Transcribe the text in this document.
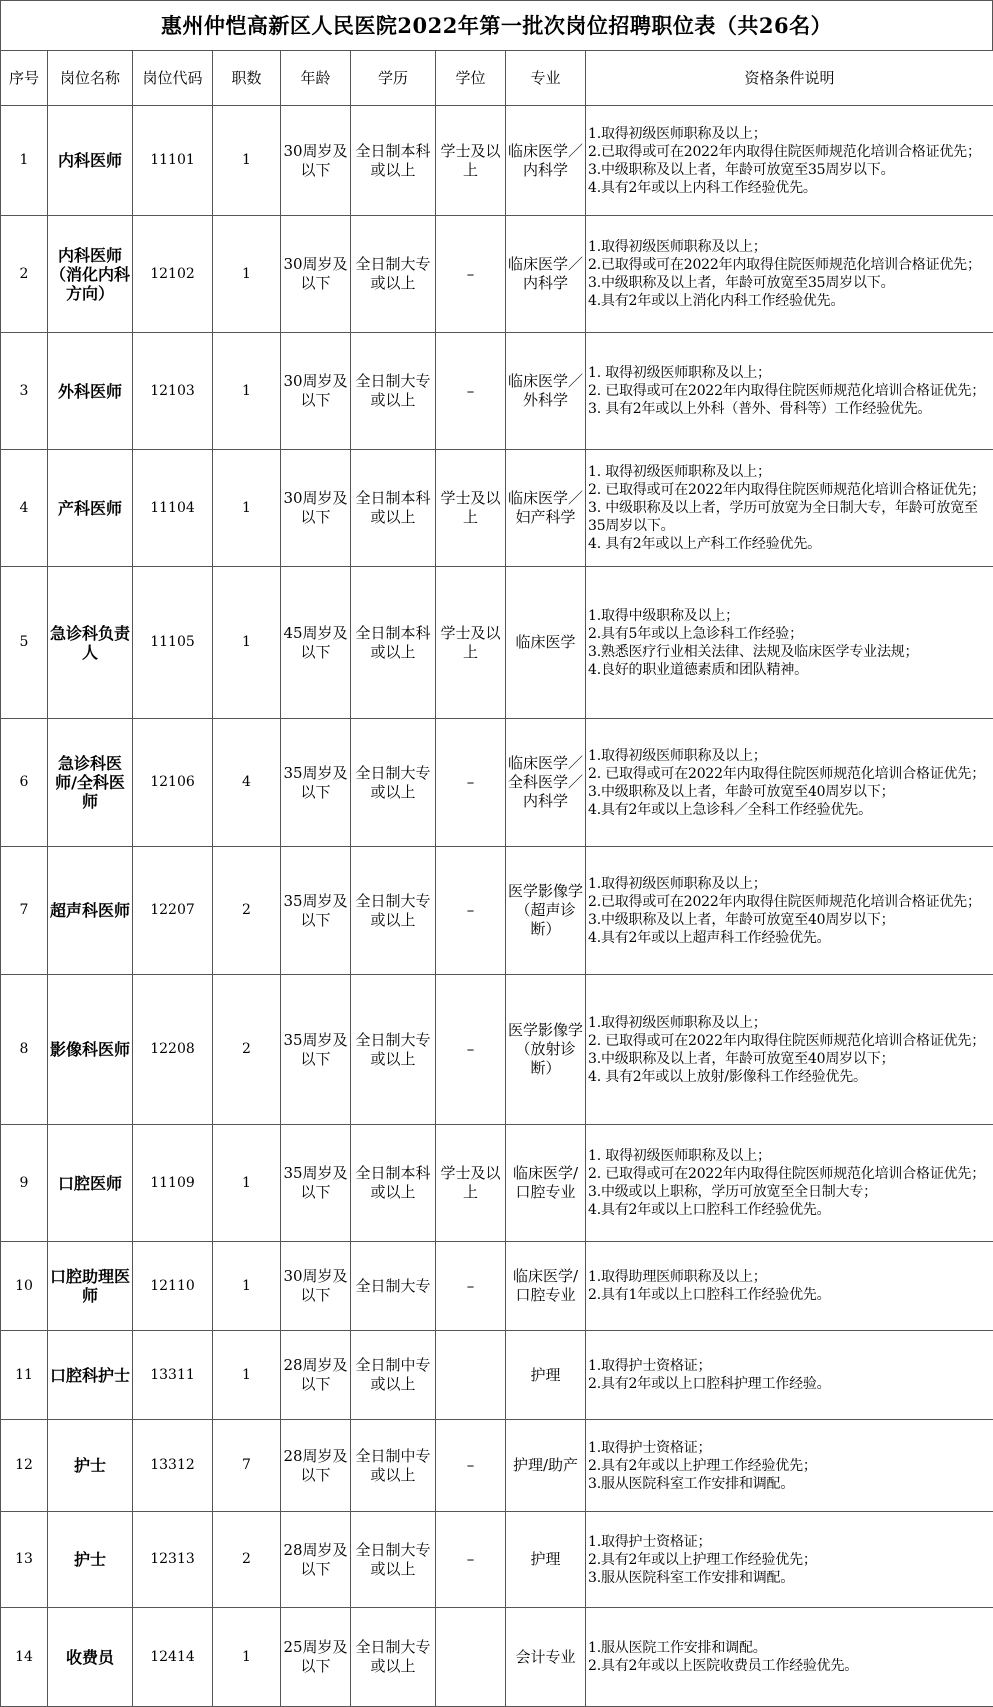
惠州仲恺高新区人民医院2022年第一批次岗位招聘职位表（共26名）
序号	岗位名称	岗位代码	职数	年龄	学历	学位	专业	资格条件说明
1	内科医师	11101	1	30周岁及以下	全日制本科或以上	学士及以上	临床医学／内科学	1.取得初级医师职称及以上；
2.已取得或可在2022年内取得住院医师规范化培训合格证优先；
3.中级职称及以上者，年龄可放宽至35周岁以下。
4.具有2年或以上内科工作经验优先。
2	内科医师（消化内科方向）	12102	1	30周岁及以下	全日制大专或以上	–	临床医学／内科学	1.取得初级医师职称及以上；
2.已取得或可在2022年内取得住院医师规范化培训合格证优先；
3.中级职称及以上者，年龄可放宽至35周岁以下。
4.具有2年或以上消化内科工作经验优先。
3	外科医师	12103	1	30周岁及以下	全日制大专或以上	–	临床医学／外科学	1. 取得初级医师职称及以上；
2. 已取得或可在2022年内取得住院医师规范化培训合格证优先；
3. 具有2年或以上外科（普外、骨科等）工作经验优先。
4	产科医师	11104	1	30周岁及以下	全日制本科或以上	学士及以上	临床医学／妇产科学	1. 取得初级医师职称及以上；
2. 已取得或可在2022年内取得住院医师规范化培训合格证优先；
3. 中级职称及以上者，学历可放宽为全日制大专，年龄可放宽至35周岁以下。
4. 具有2年或以上产科工作经验优先。
5	急诊科负责人	11105	1	45周岁及以下	全日制本科或以上	学士及以上	临床医学	1.取得中级职称及以上；
2.具有5年或以上急诊科工作经验；
3.熟悉医疗行业相关法律、法规及临床医学专业法规；
4.良好的职业道德素质和团队精神。
6	急诊科医师/全科医师	12106	4	35周岁及以下	全日制大专或以上	–	临床医学／全科医学／内科学	1.取得初级医师职称及以上；
2. 已取得或可在2022年内取得住院医师规范化培训合格证优先；
3.中级职称及以上者，年龄可放宽至40周岁以下；
4.具有2年或以上急诊科／全科工作经验优先。
7	超声科医师	12207	2	35周岁及以下	全日制大专或以上	–	医学影像学（超声诊断）	1.取得初级医师职称及以上；
2.已取得或可在2022年内取得住院医师规范化培训合格证优先；
3.中级职称及以上者，年龄可放宽至40周岁以下；
4.具有2年或以上超声科工作经验优先。
8	影像科医师	12208	2	35周岁及以下	全日制大专或以上	–	医学影像学（放射诊断）	1.取得初级医师职称及以上；
2. 已取得或可在2022年内取得住院医师规范化培训合格证优先；
3.中级职称及以上者，年龄可放宽至40周岁以下；
4. 具有2年或以上放射/影像科工作经验优先。
9	口腔医师	11109	1	35周岁及以下	全日制本科或以上	学士及以上	临床医学/口腔专业	1. 取得初级医师职称及以上；
2. 已取得或可在2022年内取得住院医师规范化培训合格证优先；
3.中级或以上职称，学历可放宽至全日制大专；
4.具有2年或以上口腔科工作经验优先。
10	口腔助理医师	12110	1	30周岁及以下	全日制大专	–	临床医学/口腔专业	1.取得助理医师职称及以上；
2.具有1年或以上口腔科工作经验优先。
11	口腔科护士	13311	1	28周岁及以下	全日制中专或以上		护理	1.取得护士资格证；
2.具有2年或以上口腔科护理工作经验。
12	护士	13312	7	28周岁及以下	全日制中专或以上	–	护理/助产	1.取得护士资格证；
2.具有2年或以上护理工作经验优先；
3.服从医院科室工作安排和调配。
13	护士	12313	2	28周岁及以下	全日制大专或以上	–	护理	1.取得护士资格证；
2.具有2年或以上护理工作经验优先；
3.服从医院科室工作安排和调配。
14	收费员	12414	1	25周岁及以下	全日制大专或以上		会计专业	1.服从医院工作安排和调配。
2.具有2年或以上医院收费员工作经验优先。
